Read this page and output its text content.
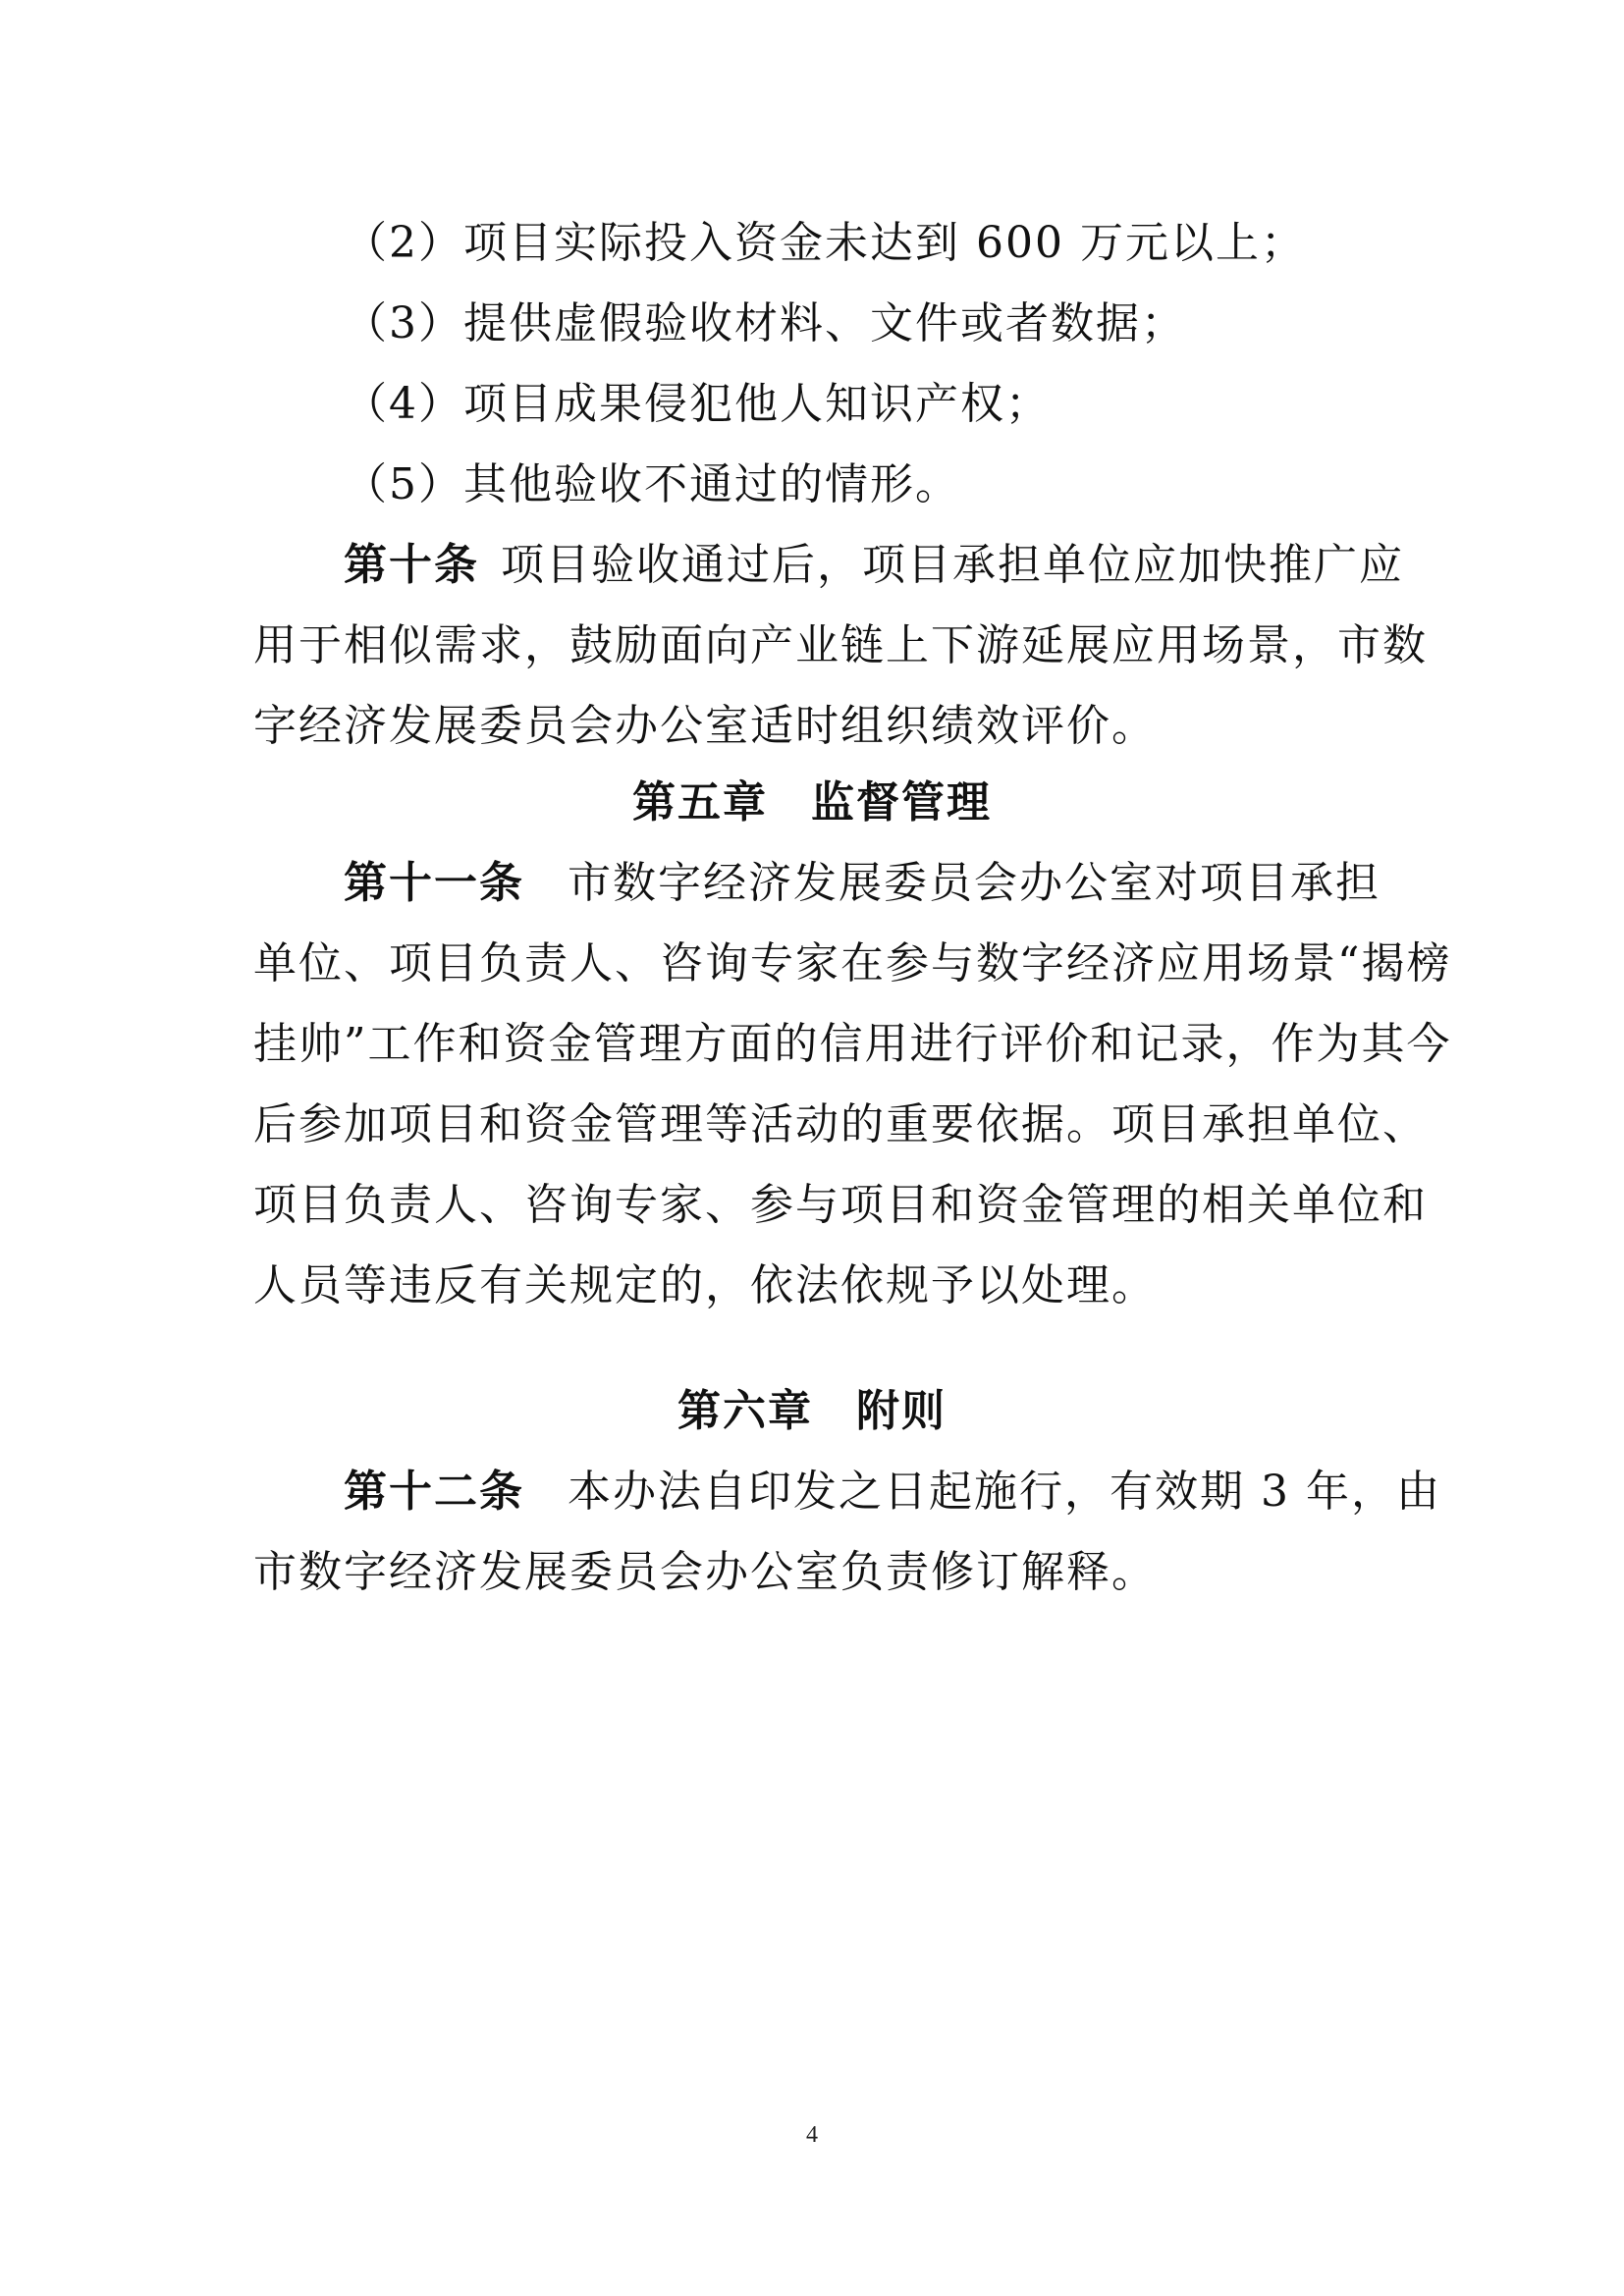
（2）项目实际投入资金未达到 600 万元以上；
（3）提供虚假验收材料、文件或者数据；
（4）项目成果侵犯他人知识产权；
（5）其他验收不通过的情形。
第十条 项目验收通过后，项目承担单位应加快推广应
用于相似需求，鼓励面向产业链上下游延展应用场景，市数
字经济发展委员会办公室适时组织绩效评价。
第五章 监督管理
第十一条 市数字经济发展委员会办公室对项目承担
单位、项目负责人、咨询专家在参与数字经济应用场景“揭榜
挂帅”工作和资金管理方面的信用进行评价和记录，作为其今
后参加项目和资金管理等活动的重要依据。项目承担单位、
项目负责人、咨询专家、参与项目和资金管理的相关单位和
人员等违反有关规定的，依法依规予以处理。
第六章 附则
第十二条 本办法自印发之日起施行，有效期 3 年，由
市数字经济发展委员会办公室负责修订解释。
4
